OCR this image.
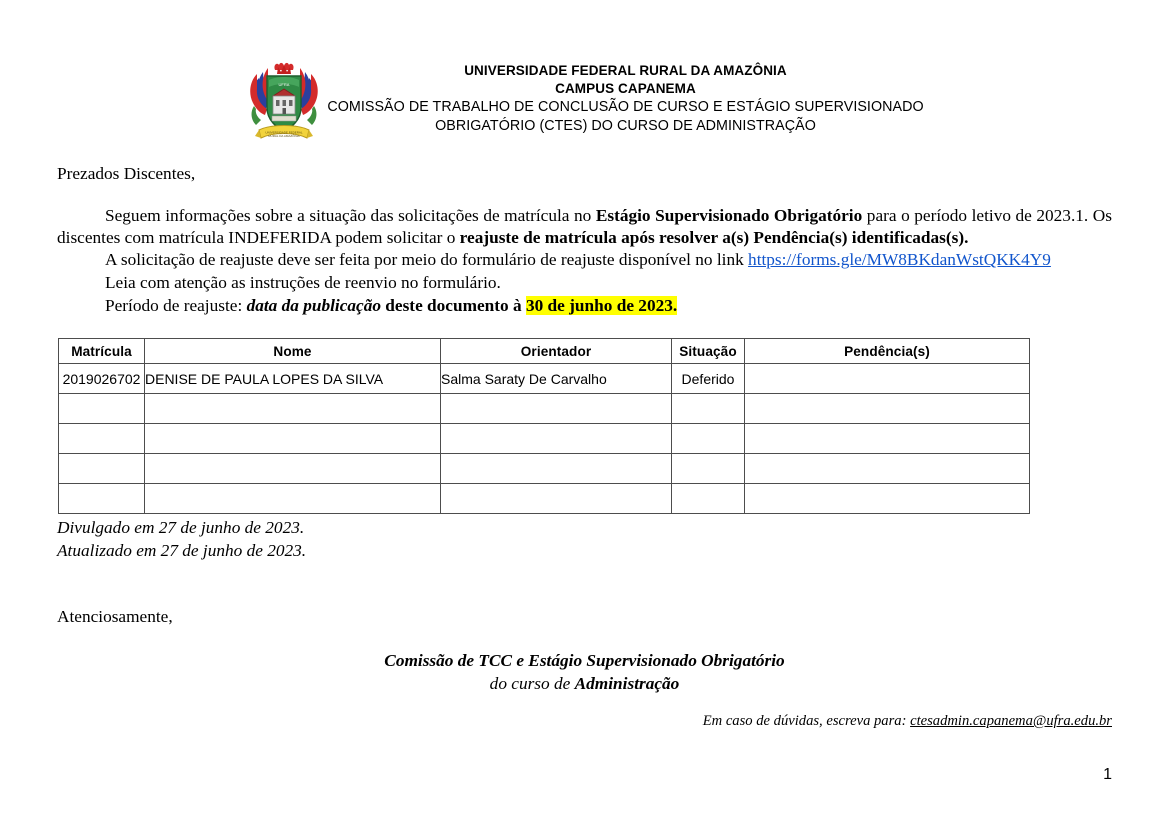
UFRA
UNIVERSIDADE FEDERAL
RURAL DA AMAZÔNIA
UNIVERSIDADE FEDERAL RURAL DA AMAZÔNIA
CAMPUS CAPANEMA
COMISSÃO DE TRABALHO DE CONCLUSÃO DE CURSO E ESTÁGIO SUPERVISIONADO
OBRIGATÓRIO (CTES) DO CURSO DE ADMINISTRAÇÃO

Prezados Discentes,

Seguem informações sobre a situação das solicitações de matrícula no Estágio Supervisionado Obrigatório para o período letivo de 2023.1. Os discentes com matrícula INDEFERIDA podem solicitar o reajuste de matrícula após resolver a(s) Pendência(s) identificadas(s).

A solicitação de reajuste deve ser feita por meio do formulário de reajuste disponível no link https://forms.gle/MW8BKdanWstQKK4Y9

Leia com atenção as instruções de reenvio no formulário.

Período de reajuste: data da publicação deste documento à 30 de junho de 2023.

Matrícula	Nome	Orientador	Situação	Pendência(s)
2019026702	DENISE DE PAULA LOPES DA SILVA	Salma Saraty De Carvalho	Deferido	

Divulgado em 27 de junho de 2023.
Atualizado em 27 de junho de 2023.
Atenciosamente,
Comissão de TCC e Estágio Supervisionado Obrigatório
do curso de Administração
Em caso de dúvidas, escreva para: ctesadmin.capanema@ufra.edu.br
1
